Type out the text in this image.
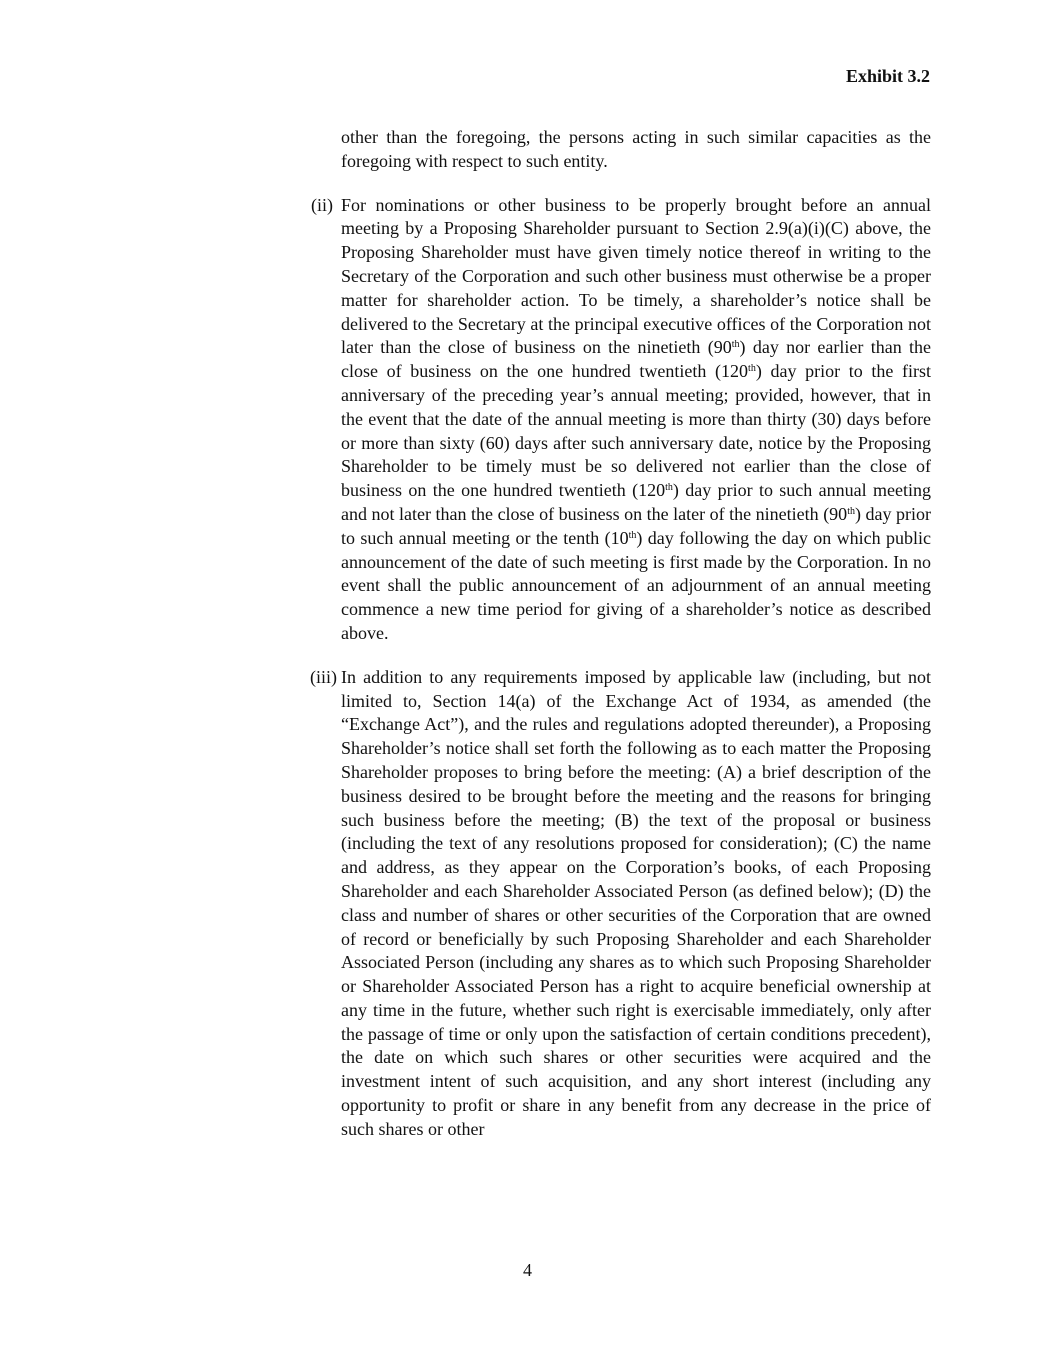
Exhibit 3.2

other than the foregoing, the persons acting in such similar capacities as the foregoing with respect to such entity.

(ii) For nominations or other business to be properly brought before an annual meeting by a Proposing Shareholder pursuant to Section 2.9(a)(i)(C) above, the Proposing Shareholder must have given timely notice thereof in writing to the Secretary of the Corporation and such other business must otherwise be a proper matter for shareholder action. To be timely, a shareholder’s notice shall be delivered to the Secretary at the principal executive offices of the Corporation not later than the close of business on the ninetieth (90th) day nor earlier than the close of business on the one hundred twentieth (120th) day prior to the first anniversary of the preceding year’s annual meeting; provided, however, that in the event that the date of the annual meeting is more than thirty (30) days before or more than sixty (60) days after such anniversary date, notice by the Proposing Shareholder to be timely must be so delivered not earlier than the close of business on the one hundred twentieth (120th) day prior to such annual meeting and not later than the close of business on the later of the ninetieth (90th) day prior to such annual meeting or the tenth (10th) day following the day on which public announcement of the date of such meeting is first made by the Corporation. In no event shall the public announcement of an adjournment of an annual meeting commence a new time period for giving of a shareholder’s notice as described above.

(iii) In addition to any requirements imposed by applicable law (including, but not limited to, Section 14(a) of the Exchange Act of 1934, as amended (the “Exchange Act”), and the rules and regulations adopted thereunder), a Proposing Shareholder’s notice shall set forth the following as to each matter the Proposing Shareholder proposes to bring before the meeting: (A) a brief description of the business desired to be brought before the meeting and the reasons for bringing such business before the meeting; (B) the text of the proposal or business (including the text of any resolutions proposed for consideration); (C) the name and address, as they appear on the Corporation’s books, of each Proposing Shareholder and each Shareholder Associated Person (as defined below); (D) the class and number of shares or other securities of the Corporation that are owned of record or beneficially by such Proposing Shareholder and each Shareholder Associated Person (including any shares as to which such Proposing Shareholder or Shareholder Associated Person has a right to acquire beneficial ownership at any time in the future, whether such right is exercisable immediately, only after the passage of time or only upon the satisfaction of certain conditions precedent), the date on which such shares or other securities were acquired and the investment intent of such acquisition, and any short interest (including any opportunity to profit or share in any benefit from any decrease in the price of such shares or other

4
